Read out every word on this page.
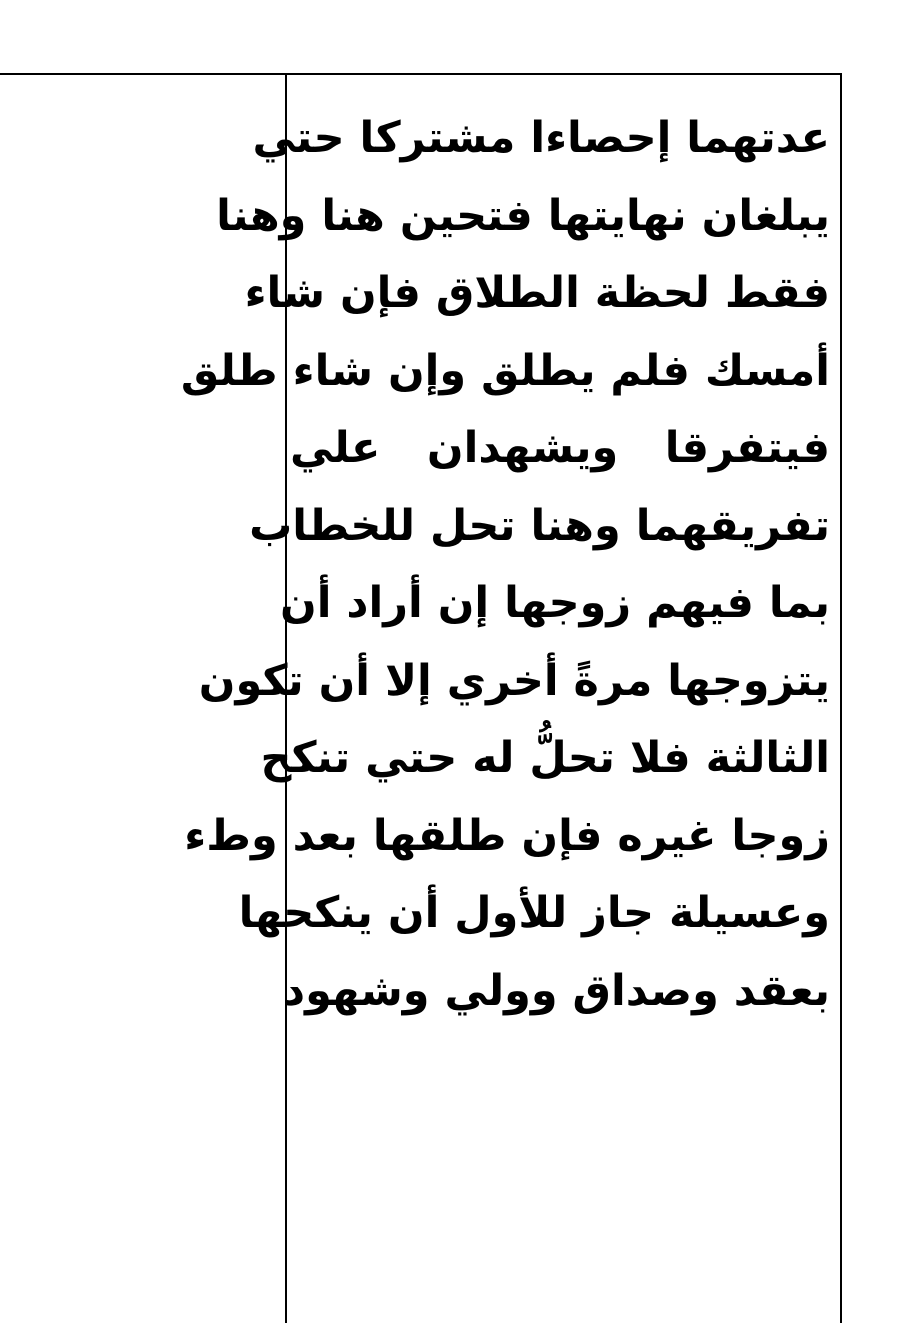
عدتهما إحصاءا مشتركا حتي
يبلغان نهايتها فتحين هنا وهنا
فقط لحظة الطلاق فإن شاء
أمسك فلم يطلق وإن شاء طلق
فيتفرقا ويشهدان علي
تفريقهما وهنا تحل للخطاب
بما فيهم زوجها إن أراد أن
يتزوجها مرةً أخري إلا أن تكون
الثالثة فلا تحلُّ له حتي تنكح
زوجا غيره فإن طلقها بعد وطء
وعسيلة جاز للأول أن ينكحها
بعقد وصداق وولي وشهود
